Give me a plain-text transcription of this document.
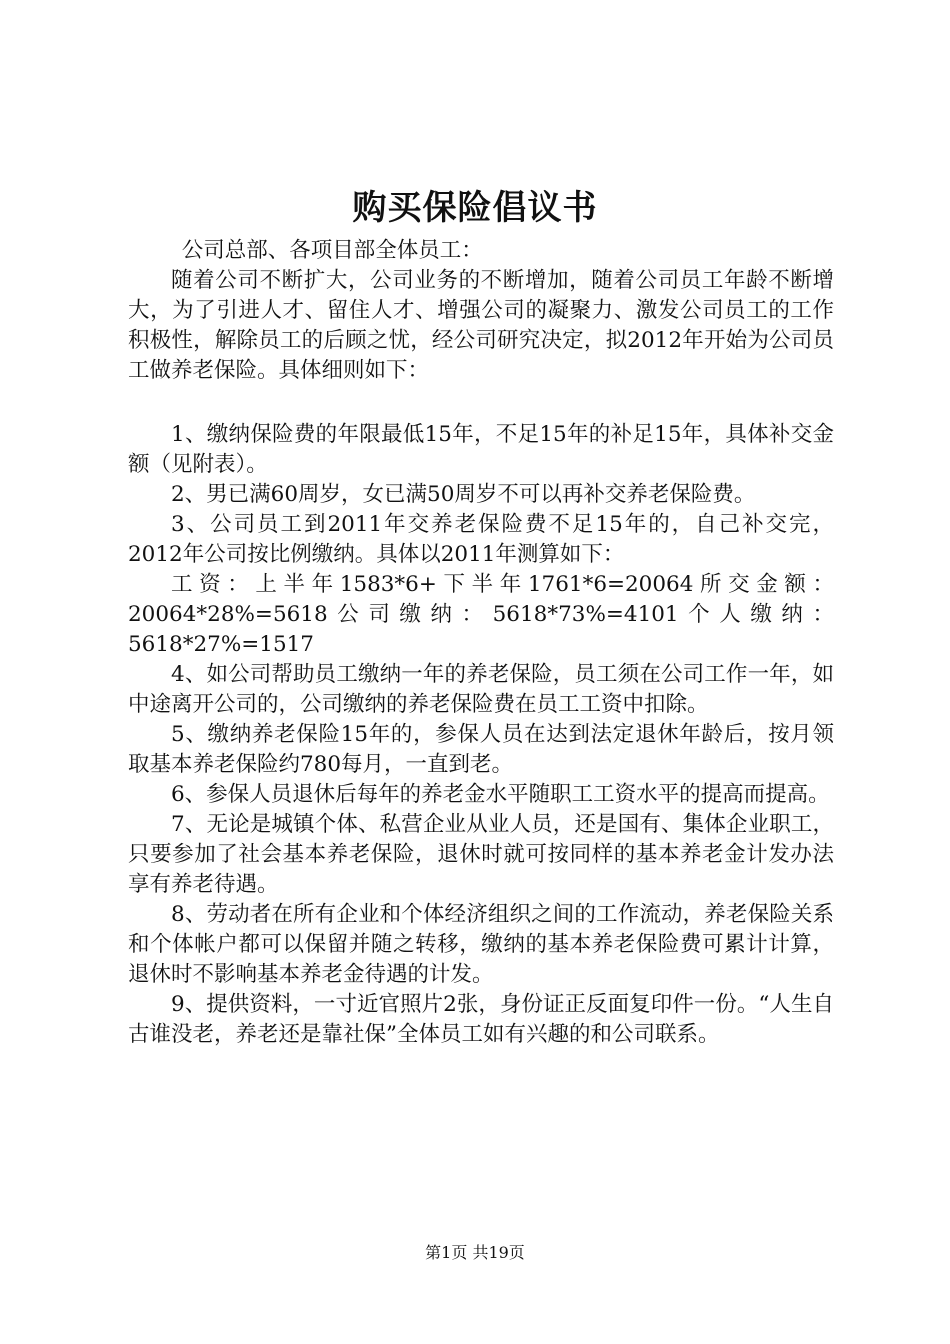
购买保险倡议书

公司总部、各项目部全体员工：

随着公司不断扩大，公司业务的不断增加，随着公司员工年龄不断增大，为了引进人才、留住人才、增强公司的凝聚力、激发公司员工的工作积极性，解除员工的后顾之忧，经公司研究决定，拟2012年开始为公司员工做养老保险。具体细则如下：

1、缴纳保险费的年限最低15年，不足15年的补足15年，具体补交金额（见附表）。

2、男已满60周岁，女已满50周岁不可以再补交养老保险费。

3、公司员工到2011年交养老保险费不足15年的，自己补交完，2012年公司按比例缴纳。具体以2011年测算如下：

工资：上半年1583*6+下半年1761*6=20064所交金额：20064*28%=5618公司缴纳：5618*73%=4101个人缴纳：5618*27%=1517

4、如公司帮助员工缴纳一年的养老保险，员工须在公司工作一年，如中途离开公司的，公司缴纳的养老保险费在员工工资中扣除。

5、缴纳养老保险15年的，参保人员在达到法定退休年龄后，按月领取基本养老保险约780每月，一直到老。

6、参保人员退休后每年的养老金水平随职工工资水平的提高而提高。

7、无论是城镇个体、私营企业从业人员，还是国有、集体企业职工，只要参加了社会基本养老保险，退休时就可按同样的基本养老金计发办法享有养老待遇。

8、劳动者在所有企业和个体经济组织之间的工作流动，养老保险关系和个体帐户都可以保留并随之转移，缴纳的基本养老保险费可累计计算，退休时不影响基本养老金待遇的计发。

9、提供资料，一寸近官照片2张，身份证正反面复印件一份。“人生自古谁没老，养老还是靠社保”全体员工如有兴趣的和公司联系。

第1页 共19页
